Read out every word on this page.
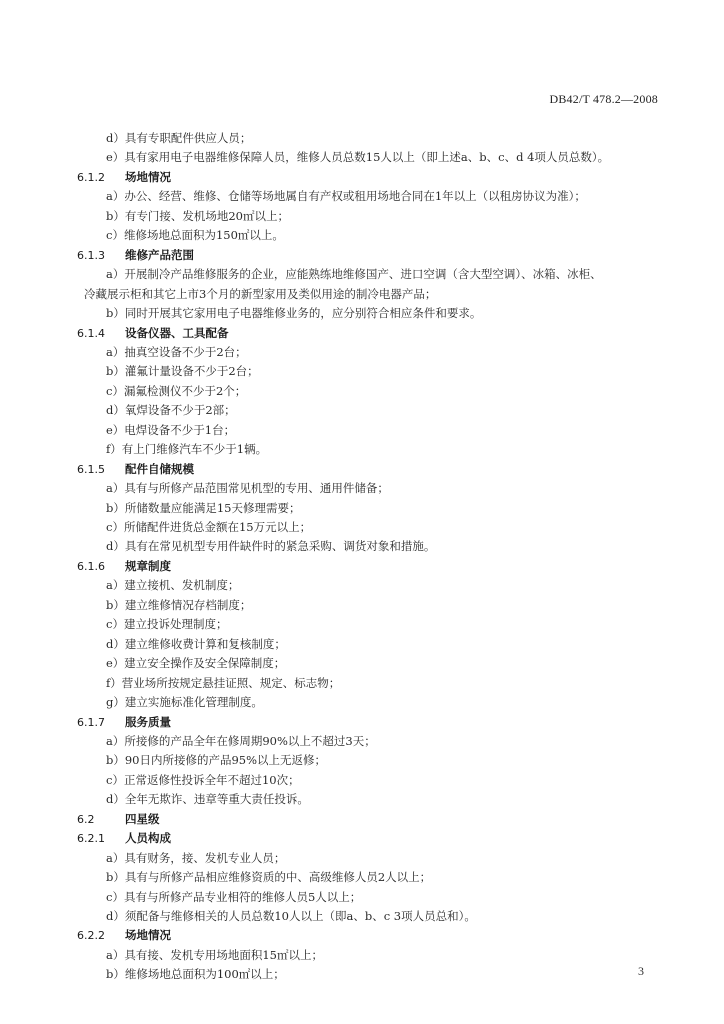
DB42/T 478.2—2008
d）具有专职配件供应人员；
e）具有家用电子电器维修保障人员，维修人员总数15人以上（即上述a、b、c、d 4项人员总数）。
6.1.2 场地情况
a）办公、经营、维修、仓储等场地属自有产权或租用场地合同在1年以上（以租房协议为准）；
b）有专门接、发机场地20㎡以上；
c）维修场地总面积为150㎡以上。
6.1.3 维修产品范围
a）开展制冷产品维修服务的企业，应能熟练地维修国产、进口空调（含大型空调）、冰箱、冰柜、
冷藏展示柜和其它上市3个月的新型家用及类似用途的制冷电器产品；
b）同时开展其它家用电子电器维修业务的，应分别符合相应条件和要求。
6.1.4 设备仪器、工具配备
a）抽真空设备不少于2台；
b）灌氟计量设备不少于2台；
c）漏氟检测仪不少于2个；
d）氧焊设备不少于2部；
e）电焊设备不少于1台；
f）有上门维修汽车不少于1辆。
6.1.5 配件自储规模
a）具有与所修产品范围常见机型的专用、通用件储备；
b）所储数量应能满足15天修理需要；
c）所储配件进货总金额在15万元以上；
d）具有在常见机型专用件缺件时的紧急采购、调货对象和措施。
6.1.6 规章制度
a）建立接机、发机制度；
b）建立维修情况存档制度；
c）建立投诉处理制度；
d）建立维修收费计算和复核制度；
e）建立安全操作及安全保障制度；
f）营业场所按规定悬挂证照、规定、标志物；
g）建立实施标准化管理制度。
6.1.7 服务质量
a）所接修的产品全年在修周期90%以上不超过3天；
b）90日内所接修的产品95%以上无返修；
c）正常返修性投诉全年不超过10次；
d）全年无欺诈、违章等重大责任投诉。
6.2	四星级
6.2.1 人员构成
a）具有财务，接、发机专业人员；
b）具有与所修产品相应维修资质的中、高级维修人员2人以上；
c）具有与所修产品专业相符的维修人员5人以上；
d）须配备与维修相关的人员总数10人以上（即a、b、c 3项人员总和）。
6.2.2 场地情况
a）具有接、发机专用场地面积15㎡以上；
b）维修场地总面积为100㎡以上；	3
